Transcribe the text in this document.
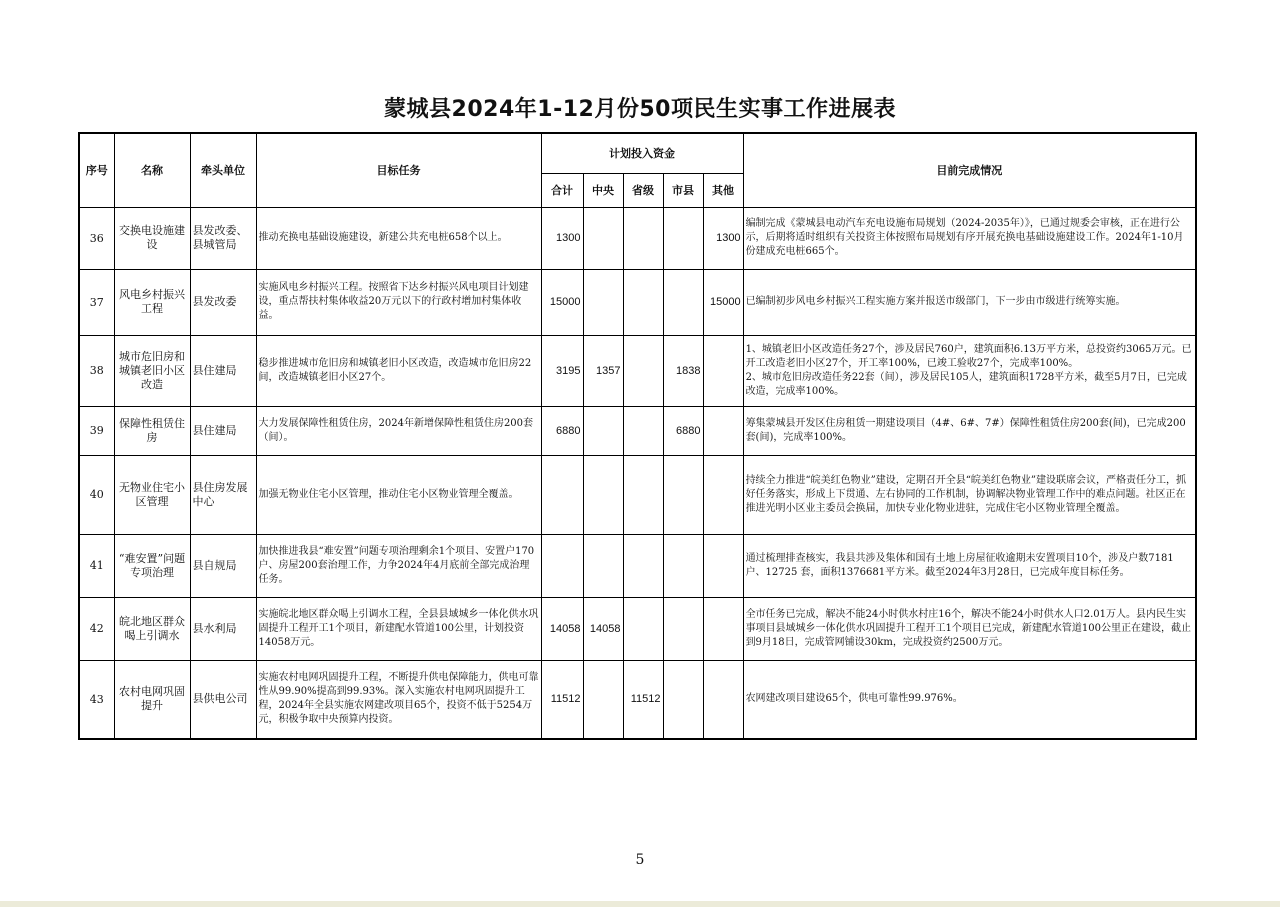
蒙城县2024年1-12月份50项民生实事工作进展表
序号	名称	牵头单位	目标任务	计划投入资金					目前完成情况
				合计	中央	省级	市县	其他	
36	交换电设施建设	县发改委、县城管局	推动充换电基础设施建设，新建公共充电桩658个以上。	1300				1300	编制完成《蒙城县电动汽车充电设施布局规划（2024-2035年）》，已通过规委会审核，正在进行公示，后期将适时组织有关投资主体按照布局规划有序开展充换电基础设施建设工作。2024年1-10月份建成充电桩665个。
37	风电乡村振兴工程	县发改委	实施风电乡村振兴工程。按照省下达乡村振兴风电项目计划建设，重点帮扶村集体收益20万元以下的行政村增加村集体收益。	15000				15000	已编制初步风电乡村振兴工程实施方案并报送市级部门，下一步由市级进行统筹实施。
38	城市危旧房和城镇老旧小区改造	县住建局	稳步推进城市危旧房和城镇老旧小区改造，改造城市危旧房22间，改造城镇老旧小区27个。	3195	1357		1838		1、城镇老旧小区改造任务27个，涉及居民760户，建筑面积6.13万平方米，总投资约3065万元。已开工改造老旧小区27个，开工率100%，已竣工验收27个，完成率100%。
2、城市危旧房改造任务22套（间），涉及居民105人，建筑面积1728平方米，截至5月7日，已完成改造，完成率100%。
39	保障性租赁住房	县住建局	大力发展保障性租赁住房，2024年新增保障性租赁住房200套（间）。	6880			6880		筹集蒙城县开发区住房租赁一期建设项目（4#、6#、7#）保障性租赁住房200套(间)，已完成200套(间)，完成率100%。
40	无物业住宅小区管理	县住房发展中心	加强无物业住宅小区管理，推动住宅小区物业管理全覆盖。						持续全力推进“皖美红色物业”建设，定期召开全县“皖美红色物业”建设联席会议，严格责任分工，抓好任务落实，形成上下贯通、左右协同的工作机制，协调解决物业管理工作中的难点问题。社区正在推进光明小区业主委员会换届，加快专业化物业进驻，完成住宅小区物业管理全覆盖。
41	“难安置”问题专项治理	县自规局	加快推进我县“难安置”问题专项治理剩余1个项目、安置户170户、房屋200套治理工作，力争2024年4月底前全部完成治理任务。						通过梳理排查核实，我县共涉及集体和国有土地上房屋征收逾期未安置项目10个，涉及户数7181 户、12725 套，面积1376681平方米。截至2024年3月28日，已完成年度目标任务。
42	皖北地区群众喝上引调水	县水利局	实施皖北地区群众喝上引调水工程，全县县域城乡一体化供水巩固提升工程开工1个项目，新建配水管道100公里，计划投资14058万元。	14058	14058				全市任务已完成，解决不能24小时供水村庄16个，解决不能24小时供水人口2.01万人。县内民生实事项目县域城乡一体化供水巩固提升工程开工1个项目已完成，新建配水管道100公里正在建设，截止到9月18日，完成管网铺设30km，完成投资约2500万元。
43	农村电网巩固提升	县供电公司	实施农村电网巩固提升工程，不断提升供电保障能力，供电可靠性从99.90%提高到99.93%。深入实施农村电网巩固提升工程，2024年全县实施农网建改项目65个，投资不低于5254万元，积极争取中央预算内投资。	11512		11512			农网建改项目建设65个，供电可靠性99.976%。
5
